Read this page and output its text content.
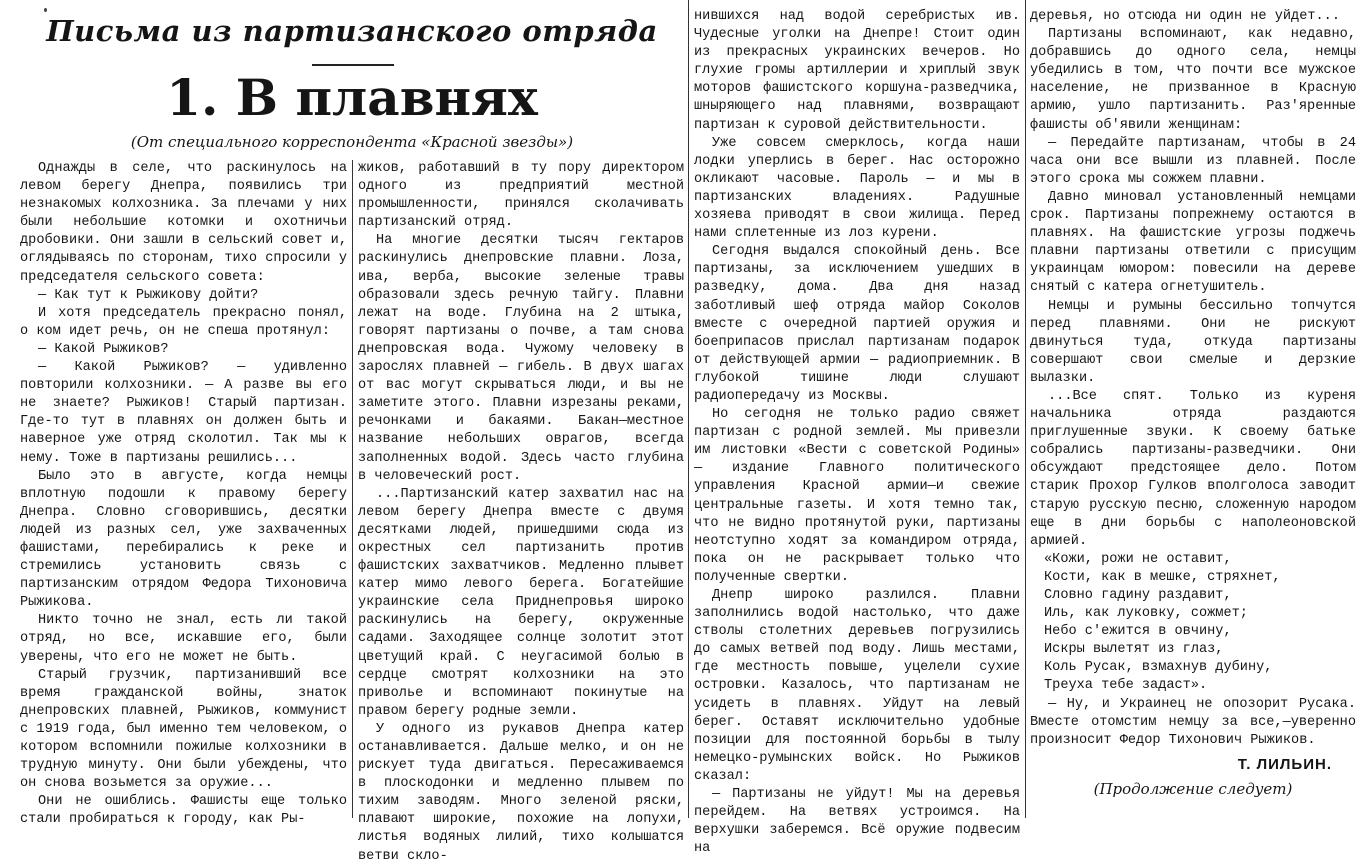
Письма из партизанского отряда
1. В плавнях
(От специального корреспондента «Красной звезды»)

Однажды в селе, что раскинулось на левом берегу Днепра, появились три незнакомых колхозника. За плечами у них были небольшие котомки и охотничьи дробовики. Они зашли в сельский совет и, оглядываясь по сторонам, тихо спросили у председателя сельского совета:

— Как тут к Рыжикову дойти?

И хотя председатель прекрасно понял, о ком идет речь, он не спеша протянул:

— Какой Рыжиков?

— Какой Рыжиков? — удивленно повторили колхозники. — А разве вы его не знаете? Рыжиков! Старый партизан. Где-то тут в плавнях он должен быть и наверное уже отряд сколотил. Так мы к нему. Тоже в партизаны решились...

Было это в августе, когда немцы вплотную подошли к правому берегу Днепра. Словно сговорившись, десятки людей из разных сел, уже захваченных фашистами, перебирались к реке и стремились установить связь с партизанским отрядом Федора Тихоновича Рыжикова.

Никто точно не знал, есть ли такой отряд, но все, искавшие его, были уверены, что его не может не быть.

Старый грузчик, партизанивший все время гражданской войны, знаток днепровских плавней, Рыжиков, коммунист с 1919 года, был именно тем человеком, о котором вспомнили пожилые колхозники в трудную минуту. Они были убеждены, что он снова возьмется за оружие...

Они не ошиблись. Фашисты еще только стали пробираться к городу, как Ры-

жиков, работавший в ту пору директором одного из предприятий местной промышленности, принялся сколачивать партизанский отряд.

На многие десятки тысяч гектаров раскинулись днепровские плавни. Лоза, ива, верба, высокие зеленые травы образовали здесь речную тайгу. Плавни лежат на воде. Глубина на 2 штыка, говорят партизаны о почве, а там снова днепровская вода. Чужому человеку в зарослях плавней — гибель. В двух шагах от вас могут скрываться люди, и вы не заметите этого. Плавни изрезаны реками, речонками и бакаями. Бакан—местное название небольших оврагов, всегда заполненных водой. Здесь часто глубина в человеческий рост.

...Партизанский катер захватил нас на левом берегу Днепра вместе с двумя десятками людей, пришедшими сюда из окрестных сел партизанить против фашистских захватчиков. Медленно плывет катер мимо левого берега. Богатейшие украинские села Приднепровья широко раскинулись на берегу, окруженные садами. Заходящее солнце золотит этот цветущий край. С неугасимой болью в сердце смотрят колхозники на это приволье и вспоминают покинутые на правом берегу родные земли.

У одного из рукавов Днепра катер останавливается. Дальше мелко, и он не рискует туда двигаться. Пересаживаемся в плоскодонки и медленно плывем по тихим заводям. Много зеленой ряски, плавают широкие, похожие на лопухи, листья водяных лилий, тихо колышатся ветви скло-

нившихся над водой серебристых ив. Чудесные уголки на Днепре! Стоит один из прекрасных украинских вечеров. Но глухие громы артиллерии и хриплый звук моторов фашистского коршуна-разведчика, шныряющего над плавнями, возвращают партизан к суровой действительности.

Уже совсем смерклось, когда наши лодки уперлись в берег. Нас осторожно окликают часовые. Пароль — и мы в партизанских владениях. Радушные хозяева приводят в свои жилища. Перед нами сплетенные из лоз курени.

Сегодня выдался спокойный день. Все партизаны, за исключением ушедших в разведку, дома. Два дня назад заботливый шеф отряда майор Соколов вместе с очередной партией оружия и боеприпасов прислал партизанам подарок от действующей армии — радиоприемник. В глубокой тишине люди слушают радиопередачу из Москвы.

Но сегодня не только радио свяжет партизан с родной землей. Мы привезли им листовки «Вести с советской Родины» — издание Главного политического управления Красной армии—и свежие центральные газеты. И хотя темно так, что не видно протянутой руки, партизаны неотступно ходят за командиром отряда, пока он не раскрывает только что полученные свертки.

Днепр широко разлился. Плавни заполнились водой настолько, что даже стволы столетних деревьев погрузились до самых ветвей под воду. Лишь местами, где местность повыше, уцелели сухие островки. Казалось, что партизанам не усидеть в плавнях. Уйдут на левый берег. Оставят исключительно удобные позиции для постоянной борьбы в тылу немецко-румынских войск. Но Рыжиков сказал:

— Партизаны не уйдут! Мы на деревья перейдем. На ветвях устроимся. На верхушки заберемся. Всё оружие подвесим на

деревья, но отсюда ни один не уйдет...

Партизаны вспоминают, как недавно, добравшись до одного села, немцы убедились в том, что почти все мужское население, не призванное в Красную армию, ушло партизанить. Раз'яренные фашисты об'явили женщинам:

— Передайте партизанам, чтобы в 24 часа они все вышли из плавней. После этого срока мы сожжем плавни.

Давно миновал установленный немцами срок. Партизаны попрежнему остаются в плавнях. На фашистские угрозы поджечь плавни партизаны ответили с присущим украинцам юмором: повесили на дереве снятый с катера огнетушитель.

Немцы и румыны бессильно топчутся перед плавнями. Они не рискуют двинуться туда, откуда партизаны совершают свои смелые и дерзкие вылазки.

...Все спят. Только из куреня начальника отряда раздаются приглушенные звуки. К своему батьке собрались партизаны-разведчики. Они обсуждают предстоящее дело. Потом старик Прохор Гулков вполголоса заводит старую русскую песню, сложенную народом еще в дни борьбы с наполеоновской армией.

«Кожи, рожи не оставит,
Кости, как в мешке, стряхнет,
Словно гадину раздавит,
Иль, как луковку, сожмет;
Небо с'ежится в овчину,
Искры вылетят из глаз,
Коль Русак, взмахнув дубину,
Треуха тебе задаст».

— Ну, и Украинец не опозорит Русака. Вместе отомстим немцу за все,—уверенно произносит Федор Тихонович Рыжиков.

Т. ЛИЛЬИН.
(Продолжение следует)
